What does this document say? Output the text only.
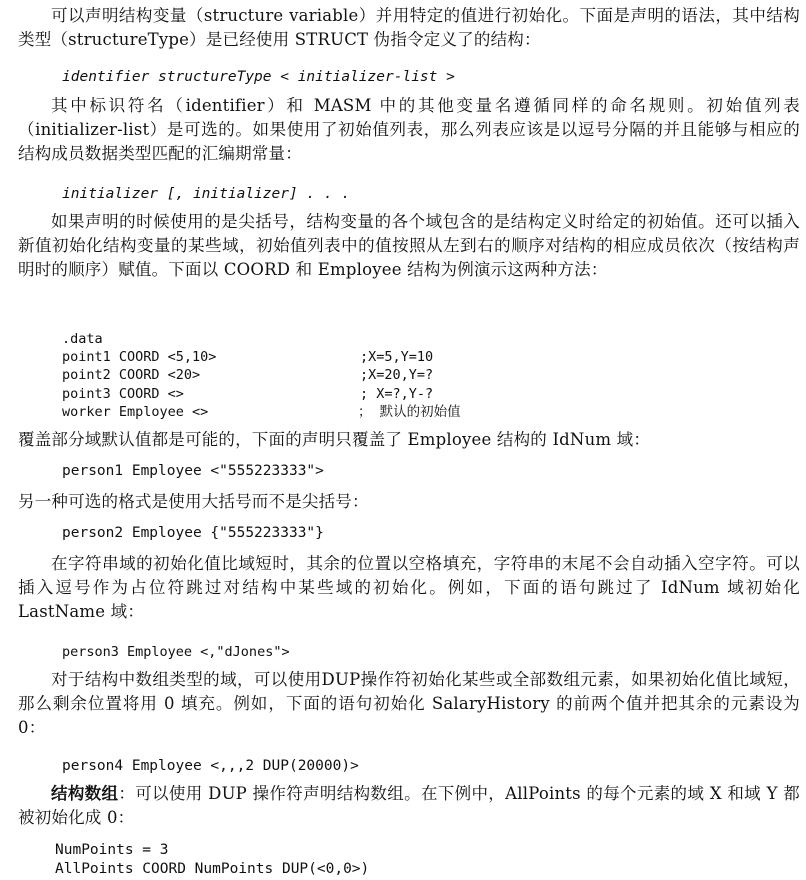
可以声明结构变量（structure variable）并用特定的值进行初始化。下面是声明的语法，其中结构类型（structureType）是已经使用 STRUCT 伪指令定义了的结构：
identifier structureType < initializer-list >
其中标识符名（identifier）和 MASM 中的其他变量名遵循同样的命名规则。初始值列表（initializer-list）是可选的。如果使用了初始值列表，那么列表应该是以逗号分隔的并且能够与相应的结构成员数据类型匹配的汇编期常量：
initializer [, initializer] . . .
如果声明的时候使用的是尖括号，结构变量的各个域包含的是结构定义时给定的初始值。还可以插入新值初始化结构变量的某些域，初始值列表中的值按照从左到右的顺序对结构的相应成员依次（按结构声明时的顺序）赋值。下面以 COORD 和 Employee 结构为例演示这两种方法：
.data
point1 COORD <5,10>	;X=5,Y=10
point2 COORD <20>	;X=20,Y=?
point3 COORD <>	; X=?,Y-?
worker Employee <>	； 默认的初始值
覆盖部分域默认值都是可能的，下面的声明只覆盖了 Employee 结构的 IdNum 域：
person1 Employee <"555223333">
另一种可选的格式是使用大括号而不是尖括号：
person2 Employee {"555223333"}
在字符串域的初始化值比域短时，其余的位置以空格填充，字符串的末尾不会自动插入空字符。可以插入逗号作为占位符跳过对结构中某些域的初始化。例如，下面的语句跳过了 IdNum 域初始化 LastName 域：
person3 Employee <,"dJones">
对于结构中数组类型的域，可以使用DUP操作符初始化某些或全部数组元素，如果初始化值比域短，那么剩余位置将用 0 填充。例如，下面的语句初始化 SalaryHistory 的前两个值并把其余的元素设为 0：
person4 Employee <,,,2 DUP(20000)>
结构数组：可以使用 DUP 操作符声明结构数组。在下例中，AllPoints 的每个元素的域 X 和域 Y 都被初始化成 0：
NumPoints = 3
AllPoints COORD NumPoints DUP(<0,0>)
